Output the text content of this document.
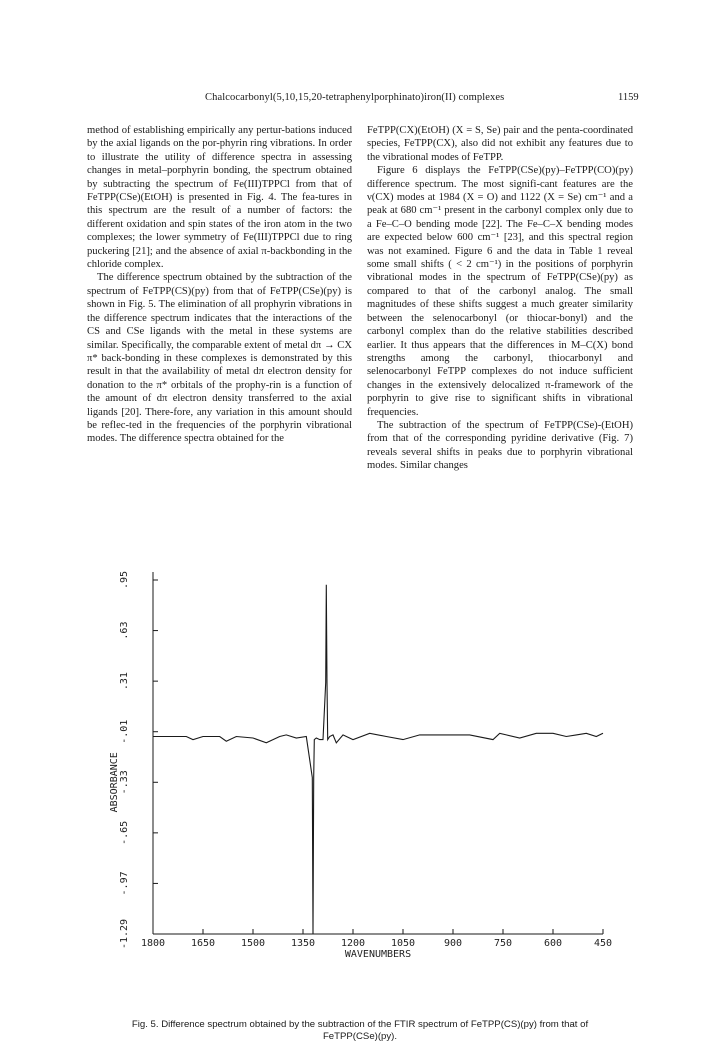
Chalcocarbonyl(5,10,15,20-tetraphenylporphinato)iron(II) complexes	1159

method of establishing empirically any pertur-bations induced by the axial ligands on the por-phyrin ring vibrations. In order to illustrate the utility of difference spectra in assessing changes in metal–porphyrin bonding, the spectrum obtained by subtracting the spectrum of Fe(III)TPPCl from that of FeTPP(CSe)(EtOH) is presented in Fig. 4. The fea-tures in this spectrum are the result of a number of factors: the different oxidation and spin states of the iron atom in the two complexes; the lower symmetry of Fe(III)TPPCl due to ring puckering [21]; and the absence of axial π-backbonding in the chloride complex.

The difference spectrum obtained by the subtraction of the spectrum of FeTPP(CS)(py) from that of FeTPP(CSe)(py) is shown in Fig. 5. The elimination of all prophyrin vibrations in the difference spectrum indicates that the interactions of the CS and CSe ligands with the metal in these systems are similar. Specifically, the comparable extent of metal dπ → CX π* back-bonding in these complexes is demonstrated by this result in that the availability of metal dπ electron density for donation to the π* orbitals of the prophy-rin is a function of the amount of dπ electron density transferred to the axial ligands [20]. There-fore, any variation in this amount should be reflec-ted in the frequencies of the porphyrin vibrational modes. The difference spectra obtained for the

FeTPP(CX)(EtOH) (X = S, Se) pair and the penta-coordinated species, FeTPP(CX), also did not exhibit any features due to the vibrational modes of FeTPP.

Figure 6 displays the FeTPP(CSe)(py)–FeTPP(CO)(py) difference spectrum. The most signifi-cant features are the ν(CX) modes at 1984 (X = O) and 1122 (X = Se) cm⁻¹ and a peak at 680 cm⁻¹ present in the carbonyl complex only due to a Fe–C–O bending mode [22]. The Fe–C–X bending modes are expected below 600 cm⁻¹ [23], and this spectral region was not examined. Figure 6 and the data in Table 1 reveal some small shifts ( < 2 cm⁻¹) in the positions of porphyrin vibrational modes in the spectrum of FeTPP(CSe)(py) as compared to that of the carbonyl analog. The small magnitudes of these shifts suggest a much greater similarity between the selenocarbonyl (or thiocar-bonyl) and the carbonyl complex than do the relative stabilities described earlier. It thus appears that the differences in M–C(X) bond strengths among the carbonyl, thiocarbonyl and selenocarbonyl FeTPP complexes do not induce sufficient changes in the extensively delocalized π-framework of the porphyrin to give rise to significant shifts in vibrational frequencies.

The subtraction of the spectrum of FeTPP(CSe)-(EtOH) from that of the corresponding pyridine derivative (Fig. 7) reveals several shifts in peaks due to porphyrin vibrational modes. Similar changes

-1.29
-.97
-.65
-.33
-.01
.31
.63
.95
1800	1650	1500	1350	1200	1050	900	750	600	450
ABSORBANCE
WAVENUMBERS
Fig. 5. Difference spectrum obtained by the subtraction of the FTIR spectrum of FeTPP(CS)(py) from that of FeTPP(CSe)(py).
